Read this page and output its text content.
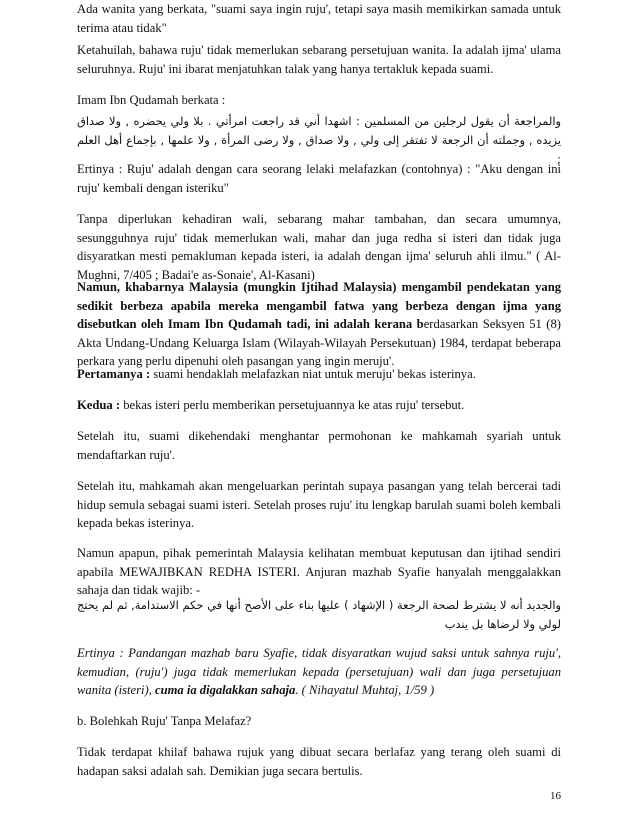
Ada wanita yang berkata, "suami saya ingin ruju', tetapi saya masih memikirkan samada untuk terima atau tidak"

Ketahuilah, bahawa ruju' tidak memerlukan sebarang persetujuan wanita. Ia adalah ijma' ulama seluruhnya. Ruju' ini ibarat menjatuhkan talak yang hanya tertakluk kepada suami.

Imam Ibn Qudamah berkata :

والمراجعة أن يقول لرجلين من المسلمين : اشهدا أني قد راجعت امرأتي . بلا ولي يحضره , ولا صداق يزيده , وجملته أن الرجعة لا تفتقر إلى ولي , ولا صداق , ولا رضى المرأة , ولا علمها , بإجماع أهل العلم ;

Ertinya : Ruju' adalah dengan cara seorang lelaki melafazkan (contohnya) : "Aku dengan ini ruju' kembali dengan isteriku"

Tanpa diperlukan kehadiran wali, sebarang mahar tambahan, dan secara umumnya, sesungguhnya ruju' tidak memerlukan wali, mahar dan juga redha si isteri dan tidak juga disyaratkan mesti pemakluman kepada isteri, ia adalah dengan ijma' seluruh ahli ilmu." ( Al-Mughni, 7/405 ; Badai'e as-Sonaie', Al-Kasani)

Namun, khabarnya Malaysia (mungkin Ijtihad Malaysia) mengambil pendekatan yang sedikit berbeza apabila mereka mengambil fatwa yang berbeza dengan ijma yang disebutkan oleh Imam Ibn Qudamah tadi, ini adalah kerana berdasarkan Seksyen 51 (8) Akta Undang-Undang Keluarga Islam (Wilayah-Wilayah Persekutuan) 1984, terdapat beberapa perkara yang perlu dipenuhi oleh pasangan yang ingin meruju'.

Pertamanya : suami hendaklah melafazkan niat untuk meruju' bekas isterinya.

Kedua : bekas isteri perlu memberikan persetujuannya ke atas ruju' tersebut.

Setelah itu, suami dikehendaki menghantar permohonan ke mahkamah syariah untuk mendaftarkan ruju'.

Setelah itu, mahkamah akan mengeluarkan perintah supaya pasangan yang telah bercerai tadi hidup semula sebagai suami isteri. Setelah proses ruju' itu lengkap barulah suami boleh kembali kepada bekas isterinya.

Namun apapun, pihak pemerintah Malaysia kelihatan membuat keputusan dan ijtihad sendiri apabila MEWAJIBKAN REDHA ISTERI. Anjuran mazhab Syafie hanyalah menggalakkan sahaja dan tidak wajib: -

والجديد أنه لا يشترط لصحة الرجعة ( الإشهاد ) عليها بناء على الأصح أنها في حكم الاستدامة, ثم لم يحتج لولي ولا لرضاها بل يندب

Ertinya : Pandangan mazhab baru Syafie, tidak disyaratkan wujud saksi untuk sahnya ruju', kemudian, (ruju') juga tidak memerlukan kepada (persetujuan) wali dan juga persetujuan wanita (isteri), cuma ia digalakkan sahaja. ( Nihayatul Muhtaj, 1/59 )

b. Bolehkah Ruju' Tanpa Melafaz?

Tidak terdapat khilaf bahawa rujuk yang dibuat secara berlafaz yang terang oleh suami di hadapan saksi adalah sah. Demikian juga secara bertulis.

16
